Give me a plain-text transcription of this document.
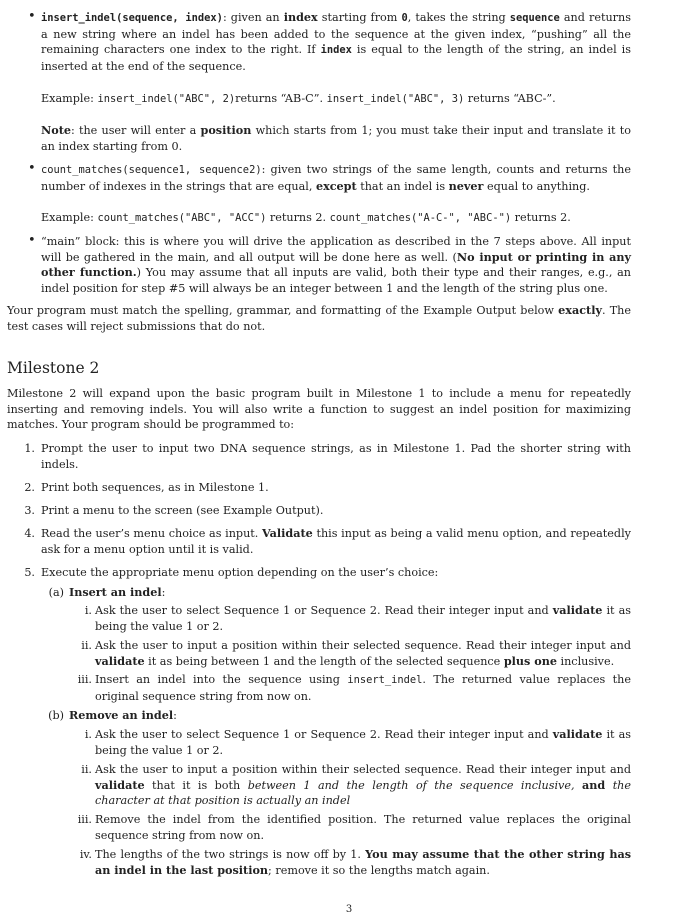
• insert_indel(sequence, index): given an index starting from 0, takes the string sequence and returns a new string where an indel has been added to the sequence at the given index, “pushing” all the remaining characters one index to the right. If index is equal to the length of the string, an indel is inserted at the end of the sequence.

Example: insert_indel("ABC", 2)returns “AB-C”. insert_indel("ABC", 3) returns “ABC-”.

Note: the user will enter a position which starts from 1; you must take their input and translate it to an index starting from 0.

• count_matches(sequence1, sequence2): given two strings of the same length, counts and returns the number of indexes in the strings that are equal, except that an indel is never equal to anything.

Example: count_matches("ABC", "ACC") returns 2. count_matches("A-C-", "ABC-") returns 2.

• “main” block: this is where you will drive the application as described in the 7 steps above. All input will be gathered in the main, and all output will be done here as well. (No input or printing in any other function.) You may assume that all inputs are valid, both their type and their ranges, e.g., an indel position for step #5 will always be an integer between 1 and the length of the string plus one.

Your program must match the spelling, grammar, and formatting of the Example Output below exactly. The test cases will reject submissions that do not.

Milestone 2

Milestone 2 will expand upon the basic program built in Milestone 1 to include a menu for repeatedly inserting and removing indels. You will also write a function to suggest an indel position for maximizing matches. Your program should be programmed to:

1. Prompt the user to input two DNA sequence strings, as in Milestone 1. Pad the shorter string with indels.

2. Print both sequences, as in Milestone 1.

3. Print a menu to the screen (see Example Output).

4. Read the user’s menu choice as input. Validate this input as being a valid menu option, and repeatedly ask for a menu option until it is valid.

5. Execute the appropriate menu option depending on the user’s choice:

(a) Insert an indel:

i. Ask the user to select Sequence 1 or Sequence 2. Read their integer input and validate it as being the value 1 or 2.

ii. Ask the user to input a position within their selected sequence. Read their integer input and validate it as being between 1 and the length of the selected sequence plus one inclusive.

iii. Insert an indel into the sequence using insert_indel. The returned value replaces the original sequence string from now on.

(b) Remove an indel:

i. Ask the user to select Sequence 1 or Sequence 2. Read their integer input and validate it as being the value 1 or 2.

ii. Ask the user to input a position within their selected sequence. Read their integer input and validate that it is both between 1 and the length of the sequence inclusive, and the character at that position is actually an indel

iii. Remove the indel from the identified position. The returned value replaces the original sequence string from now on.

iv. The lengths of the two strings is now off by 1. You may assume that the other string has an indel in the last position; remove it so the lengths match again.

3
